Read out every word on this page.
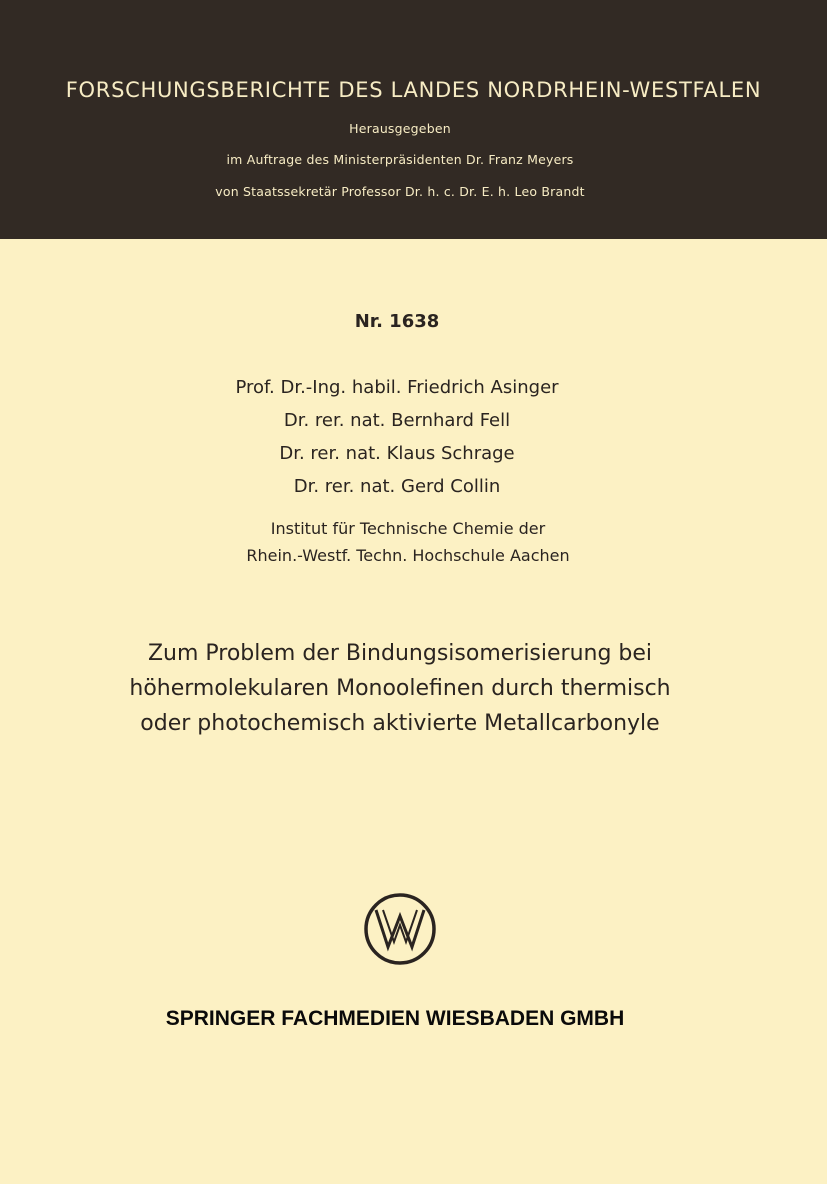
FORSCHUNGSBERICHTE DES LANDES NORDRHEIN-WESTFALEN
Herausgegeben
im Auftrage des Ministerpräsidenten Dr. Franz Meyers
von Staatssekretär Professor Dr. h. c. Dr. E. h. Leo Brandt
Nr. 1638
Prof. Dr.-Ing. habil. Friedrich Asinger
Dr. rer. nat. Bernhard Fell
Dr. rer. nat. Klaus Schrage
Dr. rer. nat. Gerd Collin
Institut für Technische Chemie der
Rhein.-Westf. Techn. Hochschule Aachen
Zum Problem der Bindungsisomerisierung bei
höhermolekularen Monoolefinen durch thermisch
oder photochemisch aktivierte Metallcarbonyle
SPRINGER FACHMEDIEN WIESBADEN GMBH
